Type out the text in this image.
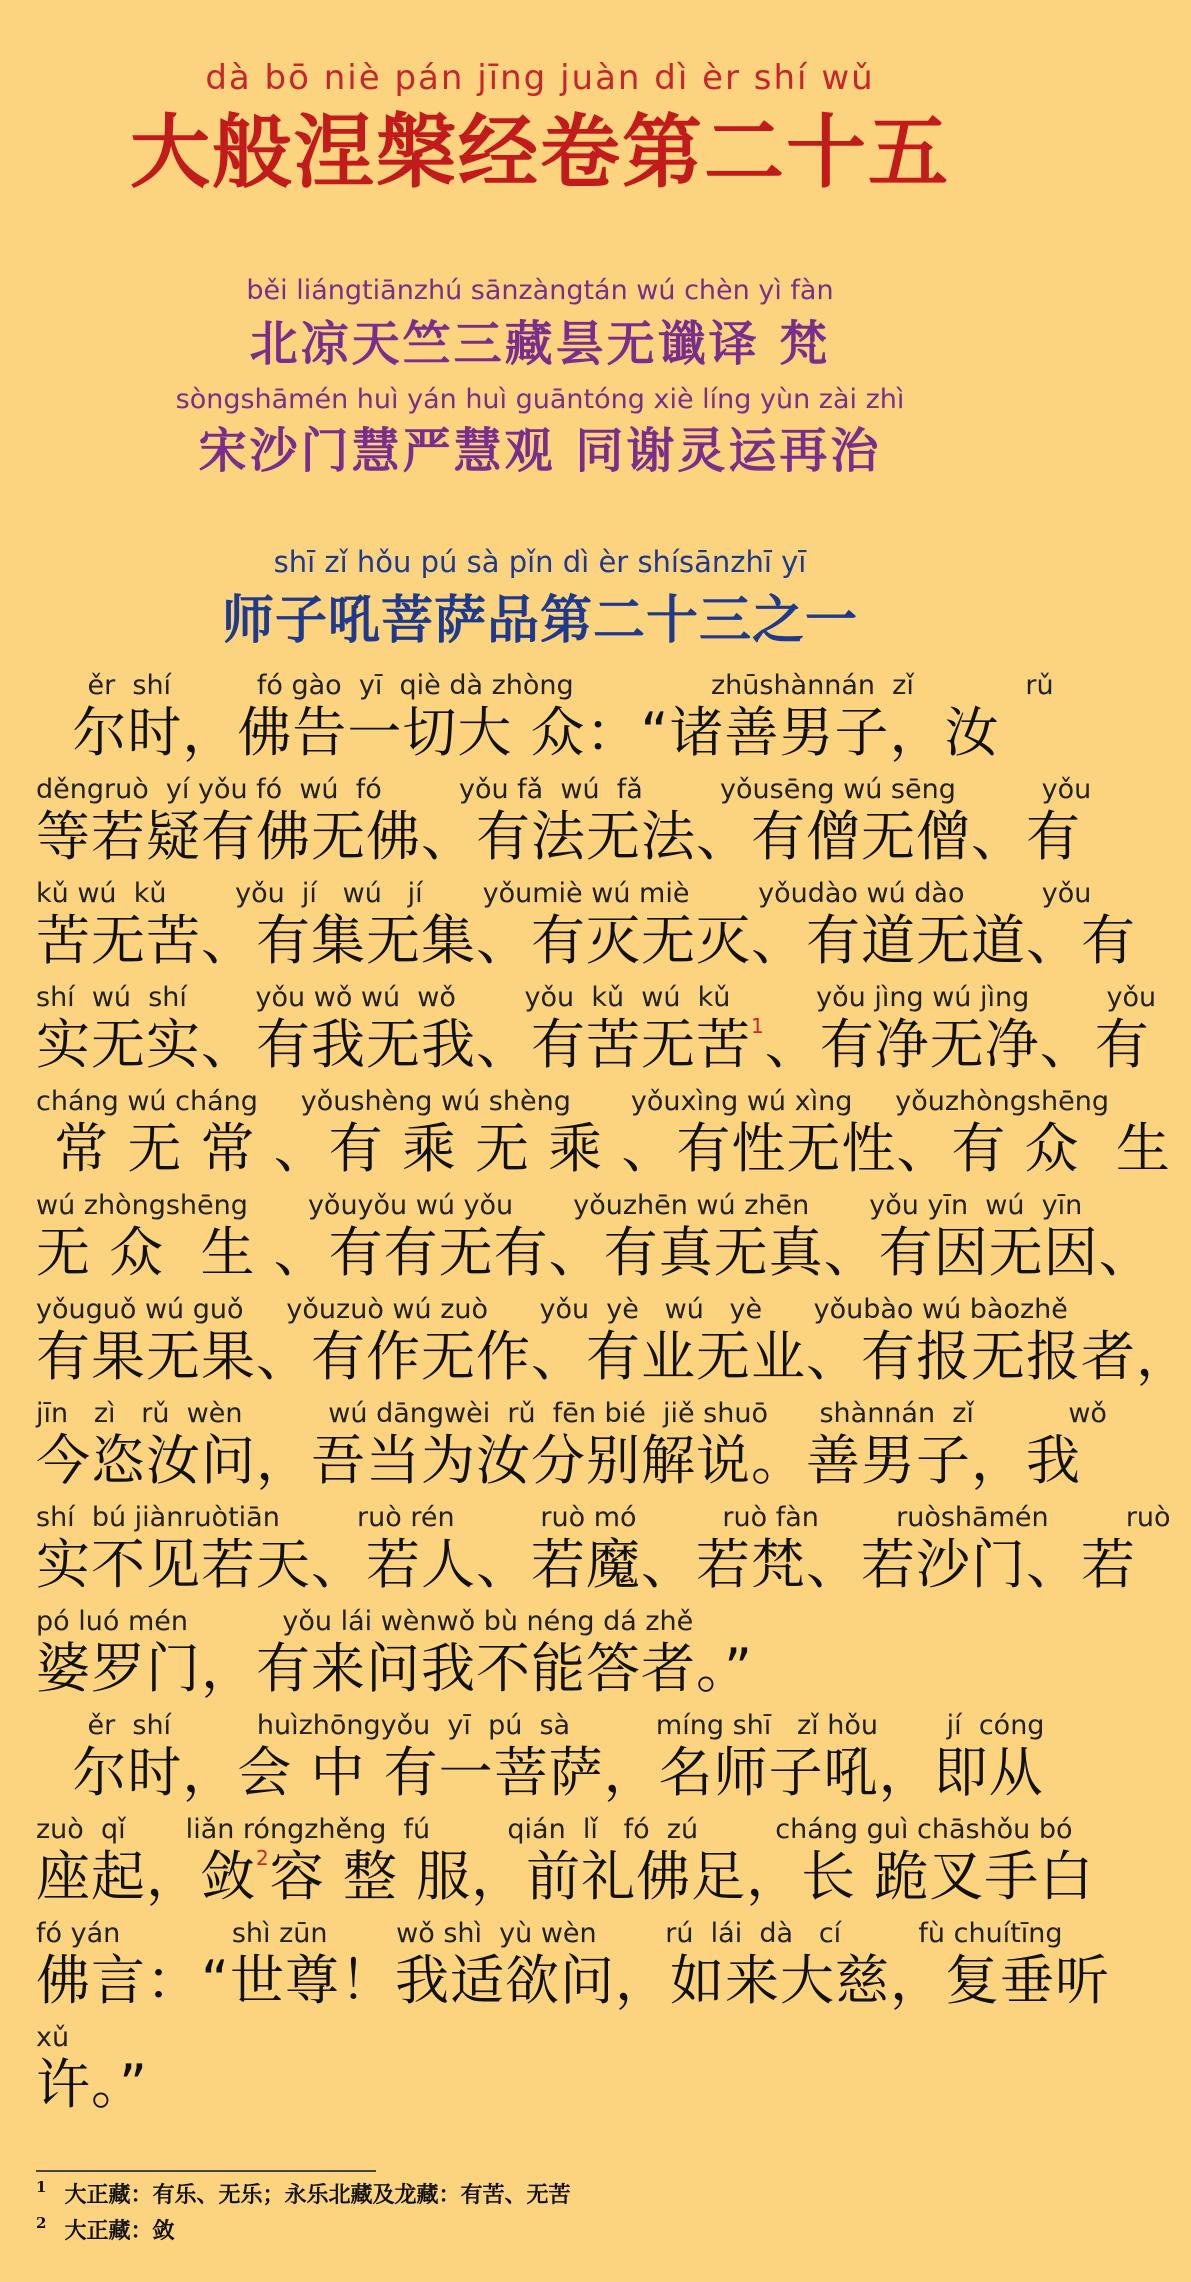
dà bō niè pán jīng juàn dì èr shí wǔ
大般涅槃经卷第二十五
běi liángtiānzhú sānzàngtán wú chèn yì fàn
北凉天竺三藏昙无谶译 梵
sòngshāmén huì yán huì guāntóng xiè líng yùn zài zhì
宋沙门慧严慧观 同谢灵运再治
shī zǐ hǒu pú sà pǐn dì èr shísānzhī yī
师子吼菩萨品第二十三之一
ěr  shí          fó gào  yī  qiè dà zhòng                zhūshànnán  zǐ             rǔ
尔时，佛告一切大 众：“诸善男子，汝
děngruò  yí yǒu fó  wú  fó         yǒu fǎ  wú  fǎ         yǒusēng wú sēng          yǒu
等若疑有佛无佛、有法无法、有僧无僧、有
kǔ wú  kǔ        yǒu  jí   wú   jí       yǒumiè wú miè        yǒudào wú dào         yǒu
苦无苦、有集无集、有灭无灭、有道无道、有
shí  wú  shí        yǒu wǒ wú  wǒ        yǒu  kǔ  wú  kǔ          yǒu jìng wú jìng         yǒu
实无实、有我无我、有苦无苦$^1$、有净无净、有
cháng wú cháng     yǒushèng wú shèng       yǒuxìng wú xìng     yǒuzhòngshēng
常 无 常 、有 乘 无 乘 、有性无性、有 众  生
wú zhòngshēng       yǒuyǒu wú yǒu       yǒuzhēn wú zhēn       yǒu yīn  wú  yīn
无 众  生 、有有无有、有真无真、有因无因、
yǒuguǒ wú guǒ     yǒuzuò wú zuò      yǒu  yè   wú   yè      yǒubào wú bàozhě
有果无果、有作无作、有业无业、有报无报者，
jīn   zì   rǔ  wèn          wú dāngwèi  rǔ  fēn bié  jiě shuō      shànnán  zǐ           wǒ
今恣汝问，吾当为汝分别解说。善男子，我
shí  bú jiànruòtiān         ruò rén          ruò mó          ruò fàn         ruòshāmén         ruò
实不见若天、若人、若魔、若梵、若沙门、若
pó luó mén           yǒu lái wènwǒ bù néng dá zhě
婆罗门，有来问我不能答者。”
ěr  shí          huìzhōngyǒu  yī  pú  sà          míng shī   zǐ hǒu        jí  cóng
尔时，会 中 有一菩萨，名师子吼，即从
zuò  qǐ       liǎn róngzhěng  fú         qián  lǐ   fó  zú         cháng guì chāshǒu bó
座起，敛$^2$容 整 服，前礼佛足，长 跪叉手白
fó yán             shì zūn        wǒ shì  yù wèn        rú  lái  dà   cí         fù chuítīng
佛言：“世尊！我适欲问，如来大慈，复垂听
xǔ
许。”
$^1$ 大正藏：有乐、无乐；永乐北藏及龙藏：有苦、无苦
$^2$ 大正藏：敛
